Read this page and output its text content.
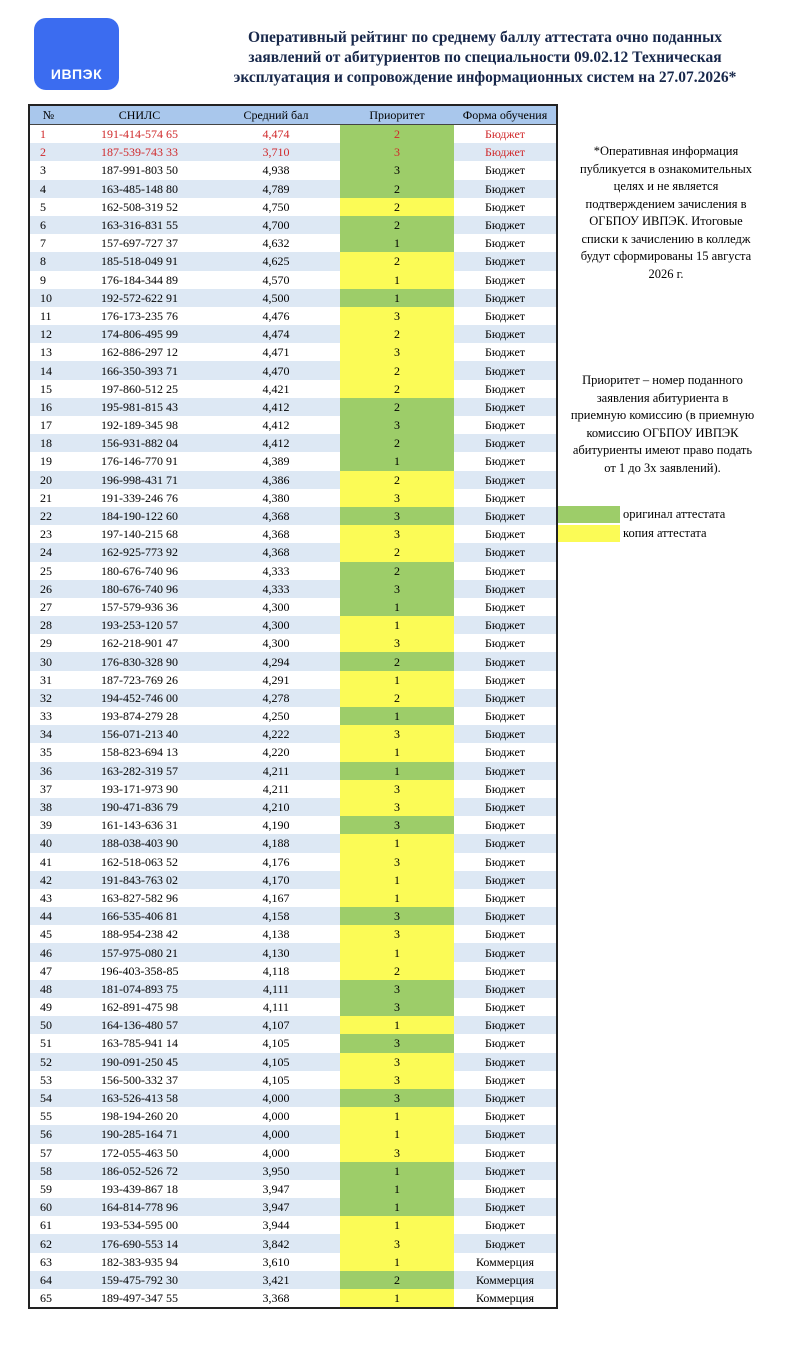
ИВПЭК
Оперативный рейтинг по среднему баллу аттестата очно поданных
заявлений от абитуриентов по специальности 09.02.12 Техническая
эксплуатация и сопровождение информационных систем на 27.07.2026*
№	СНИЛС	Средний бал	Приоритет	Форма обучения
1	191-414-574 65	4,474	2	Бюджет
2	187-539-743 33	3,710	3	Бюджет
3	187-991-803 50	4,938	3	Бюджет
4	163-485-148 80	4,789	2	Бюджет
5	162-508-319 52	4,750	2	Бюджет
6	163-316-831 55	4,700	2	Бюджет
7	157-697-727 37	4,632	1	Бюджет
8	185-518-049 91	4,625	2	Бюджет
9	176-184-344 89	4,570	1	Бюджет
10	192-572-622 91	4,500	1	Бюджет
11	176-173-235 76	4,476	3	Бюджет
12	174-806-495 99	4,474	2	Бюджет
13	162-886-297 12	4,471	3	Бюджет
14	166-350-393 71	4,470	2	Бюджет
15	197-860-512 25	4,421	2	Бюджет
16	195-981-815 43	4,412	2	Бюджет
17	192-189-345 98	4,412	3	Бюджет
18	156-931-882 04	4,412	2	Бюджет
19	176-146-770 91	4,389	1	Бюджет
20	196-998-431 71	4,386	2	Бюджет
21	191-339-246 76	4,380	3	Бюджет
22	184-190-122 60	4,368	3	Бюджет
23	197-140-215 68	4,368	3	Бюджет
24	162-925-773 92	4,368	2	Бюджет
25	180-676-740 96	4,333	2	Бюджет
26	180-676-740 96	4,333	3	Бюджет
27	157-579-936 36	4,300	1	Бюджет
28	193-253-120 57	4,300	1	Бюджет
29	162-218-901 47	4,300	3	Бюджет
30	176-830-328 90	4,294	2	Бюджет
31	187-723-769 26	4,291	1	Бюджет
32	194-452-746 00	4,278	2	Бюджет
33	193-874-279 28	4,250	1	Бюджет
34	156-071-213 40	4,222	3	Бюджет
35	158-823-694 13	4,220	1	Бюджет
36	163-282-319 57	4,211	1	Бюджет
37	193-171-973 90	4,211	3	Бюджет
38	190-471-836 79	4,210	3	Бюджет
39	161-143-636 31	4,190	3	Бюджет
40	188-038-403 90	4,188	1	Бюджет
41	162-518-063 52	4,176	3	Бюджет
42	191-843-763 02	4,170	1	Бюджет
43	163-827-582 96	4,167	1	Бюджет
44	166-535-406 81	4,158	3	Бюджет
45	188-954-238 42	4,138	3	Бюджет
46	157-975-080 21	4,130	1	Бюджет
47	196-403-358-85	4,118	2	Бюджет
48	181-074-893 75	4,111	3	Бюджет
49	162-891-475 98	4,111	3	Бюджет
50	164-136-480 57	4,107	1	Бюджет
51	163-785-941 14	4,105	3	Бюджет
52	190-091-250 45	4,105	3	Бюджет
53	156-500-332 37	4,105	3	Бюджет
54	163-526-413 58	4,000	3	Бюджет
55	198-194-260 20	4,000	1	Бюджет
56	190-285-164 71	4,000	1	Бюджет
57	172-055-463 50	4,000	3	Бюджет
58	186-052-526 72	3,950	1	Бюджет
59	193-439-867 18	3,947	1	Бюджет
60	164-814-778 96	3,947	1	Бюджет
61	193-534-595 00	3,944	1	Бюджет
62	176-690-553 14	3,842	3	Бюджет
63	182-383-935 94	3,610	1	Коммерция
64	159-475-792 30	3,421	2	Коммерция
65	189-497-347 55	3,368	1	Коммерция
*Оперативная информация
публикуется в ознакомительных
целях и не является
подтверждением зачисления в
ОГБПОУ ИВПЭК. Итоговые
списки к зачислению в колледж
будут сформированы 15 августа
2026 г.
Приоритет – номер поданного
заявления абитуриента в
приемную комиссию (в приемную
комиссию ОГБПОУ ИВПЭК
абитуриенты имеют право подать
от 1 до 3х заявлений).
оригинал аттестата
копия аттестата
